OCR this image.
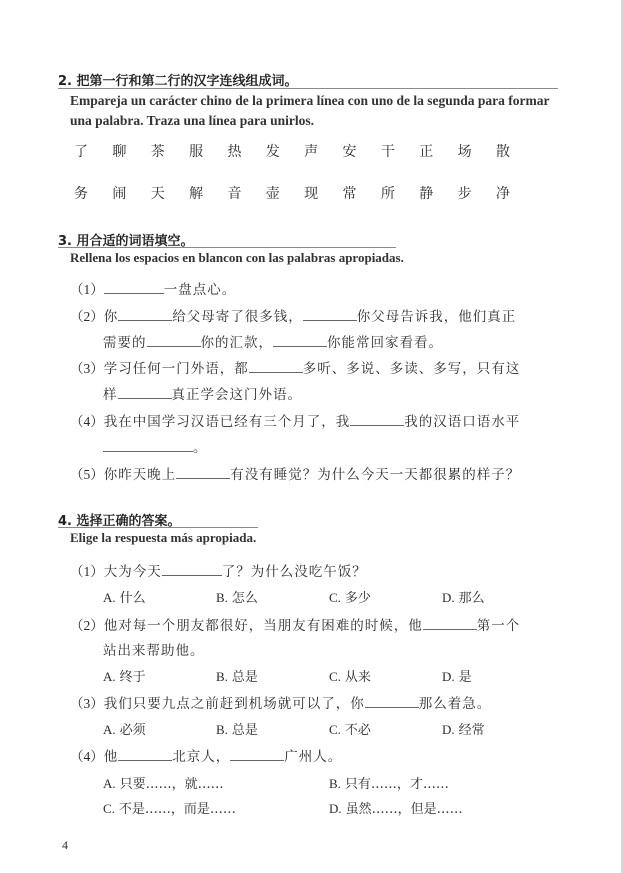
2. 把第一行和第二行的汉字连线组成词。
Empareja un carácter chino de la primera línea con uno de la segunda para formar
una palabra. Traza una línea para unirlos.
了	聊	茶	服	热	发	声	安	干	正	场	散
务	闹	天	解	音	壶	现	常	所	静	步	净
3. 用合适的词语填空。
Rellena los espacios en blancon con las palabras apropiadas.
（1）	一盘点心。
（2）你	给父母寄了很多钱，	你父母告诉我，他们真正
需要的	你的汇款，	你能常回家看看。
（3）学习任何一门外语，都	多听、多说、多读、多写，只有这
样	真正学会这门外语。
（4）我在中国学习汉语已经有三个月了，我	我的汉语口语水平
。
（5）你昨天晚上	有没有睡觉？为什么今天一天都很累的样子？
4. 选择正确的答案。
Elige la respuesta más apropiada.
（1）大为今天	了？为什么没吃午饭？
A. 什么	B. 怎么	C. 多少	D. 那么
（2）他对每一个朋友都很好，当朋友有困难的时候，他	第一个
站出来帮助他。
A. 终于	B. 总是	C. 从来	D. 是
（3）我们只要九点之前赶到机场就可以了，你	那么着急。
A. 必须	B. 总是	C. 不必	D. 经常
（4）他	北京人，	广州人。
A. 只要……，就……	B. 只有……，才……
C. 不是……，而是……	D. 虽然……，但是……
4
